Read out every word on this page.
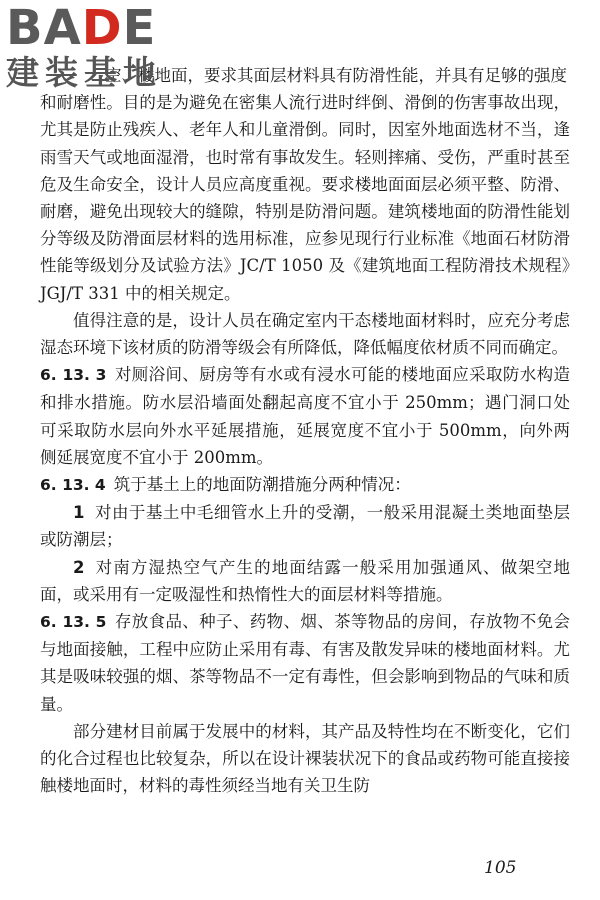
BADE
建装基地

空、楼地面，要求其面层材料具有防滑性能，并具有足够的强度

和耐磨性。目的是为避免在密集人流行进时绊倒、滑倒的伤害事故出现，尤其是防止残疾人、老年人和儿童滑倒。同时，因室外地面选材不当，逢雨雪天气或地面湿滑，也时常有事故发生。轻则摔痛、受伤，严重时甚至危及生命安全，设计人员应高度重视。要求楼地面面层必须平整、防滑、耐磨，避免出现较大的缝隙，特别是防滑问题。建筑楼地面的防滑性能划分等级及防滑面层材料的选用标准，应参见现行行业标准《地面石材防滑性能等级划分及试验方法》JC/T 1050 及《建筑地面工程防滑技术规程》JGJ/T 331 中的相关规定。

值得注意的是，设计人员在确定室内干态楼地面材料时，应充分考虑湿态环境下该材质的防滑等级会有所降低，降低幅度依材质不同而确定。

6. 13. 3 对厕浴间、厨房等有水或有浸水可能的楼地面应采取防水构造和排水措施。防水层沿墙面处翻起高度不宜小于 250mm；遇门洞口处可采取防水层向外水平延展措施，延展宽度不宜小于 500mm，向外两侧延展宽度不宜小于 200mm。

6. 13. 4 筑于基土上的地面防潮措施分两种情况：

1 对由于基土中毛细管水上升的受潮，一般采用混凝土类地面垫层或防潮层；

2 对南方湿热空气产生的地面结露一般采用加强通风、做架空地面，或采用有一定吸湿性和热惰性大的面层材料等措施。

6. 13. 5 存放食品、种子、药物、烟、茶等物品的房间，存放物不免会与地面接触，工程中应防止采用有毒、有害及散发异味的楼地面材料。尤其是吸味较强的烟、茶等物品不一定有毒性，但会影响到物品的气味和质量。

部分建材目前属于发展中的材料，其产品及特性均在不断变化，它们的化合过程也比较复杂，所以在设计裸装状况下的食品或药物可能直接接触楼地面时，材料的毒性须经当地有关卫生防

105
